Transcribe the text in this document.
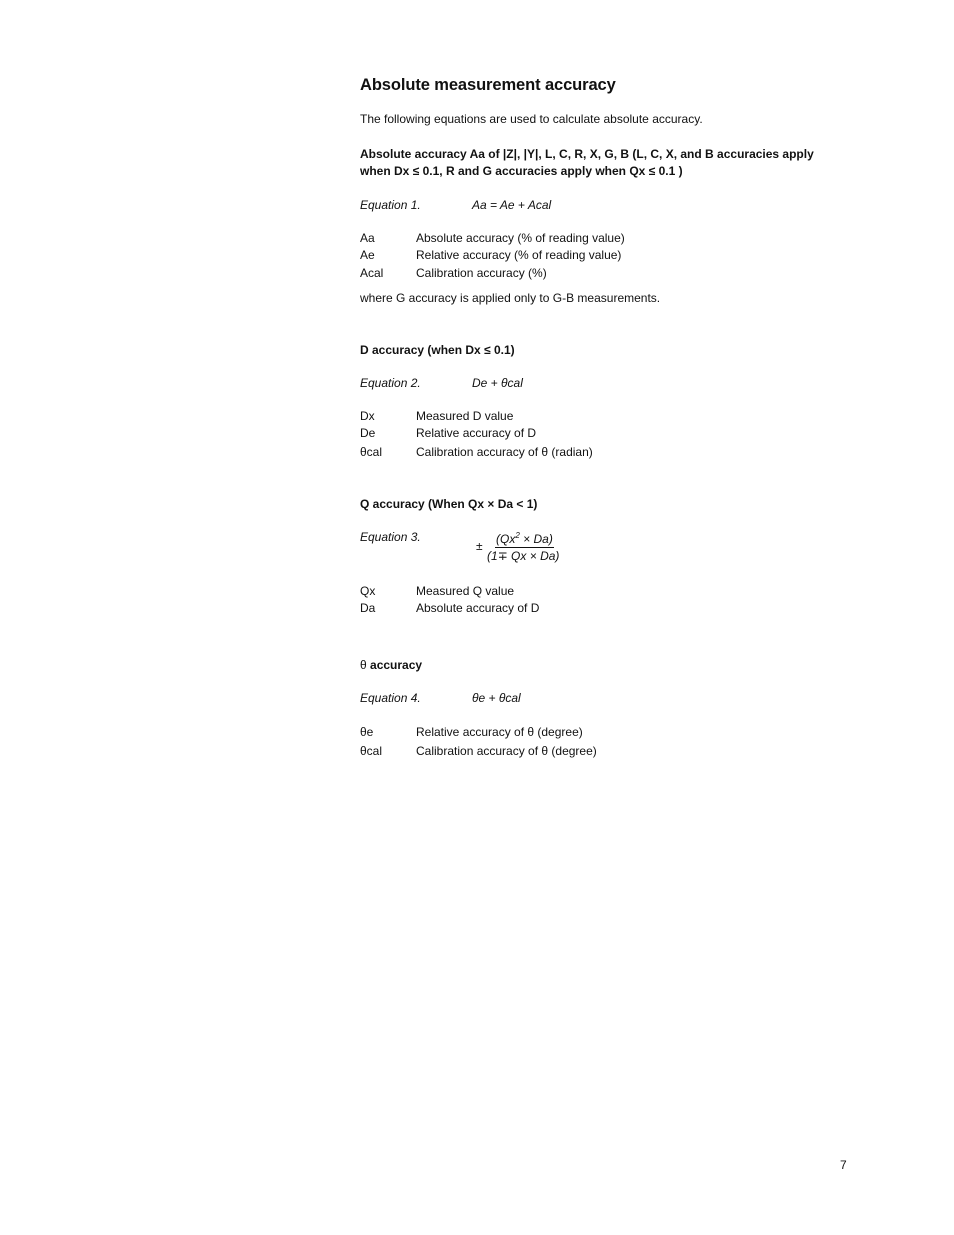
Absolute measurement accuracy
The following equations are used to calculate absolute accuracy.
Absolute accuracy Aa of |Z|, |Y|, L, C, R, X, G, B (L, C, X, and B accuracies apply
when Dx ≤ 0.1, R and G accuracies apply when Qx ≤ 0.1 )
Equation 1.	Aa = Ae + Acal
Aa	Absolute accuracy (% of reading value)
Ae	Relative accuracy (% of reading value)
Acal	Calibration accuracy (%)
where G accuracy is applied only to G-B measurements.
D accuracy (when Dx ≤ 0.1)
Equation 2.	De + θcal
Dx	Measured D value
De	Relative accuracy of D
θcal	Calibration accuracy of θ (radian)
Q accuracy (When Qx × Da < 1)
Equation 3.
± $(Qx^2 \times Da)$
(1∓ Qx × Da)
Qx	Measured Q value
Da	Absolute accuracy of D
θ accuracy
Equation 4.	θe + θcal
θe	Relative accuracy of θ (degree)
θcal	Calibration accuracy of θ (degree)
7
